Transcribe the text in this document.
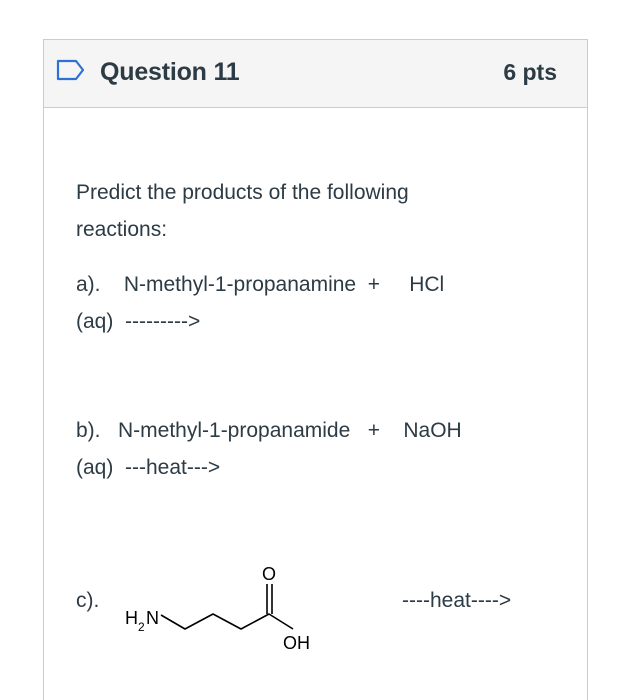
Question 11	6 pts
Predict the products of the following
reactions:
a).    N-methyl-1-propanamine  +     HCl
(aq)  --------->
b).   N-methyl-1-propanamide   +    NaOH
(aq)  ---heat--->
c).	----heat---->
H 2 N
O
OH
